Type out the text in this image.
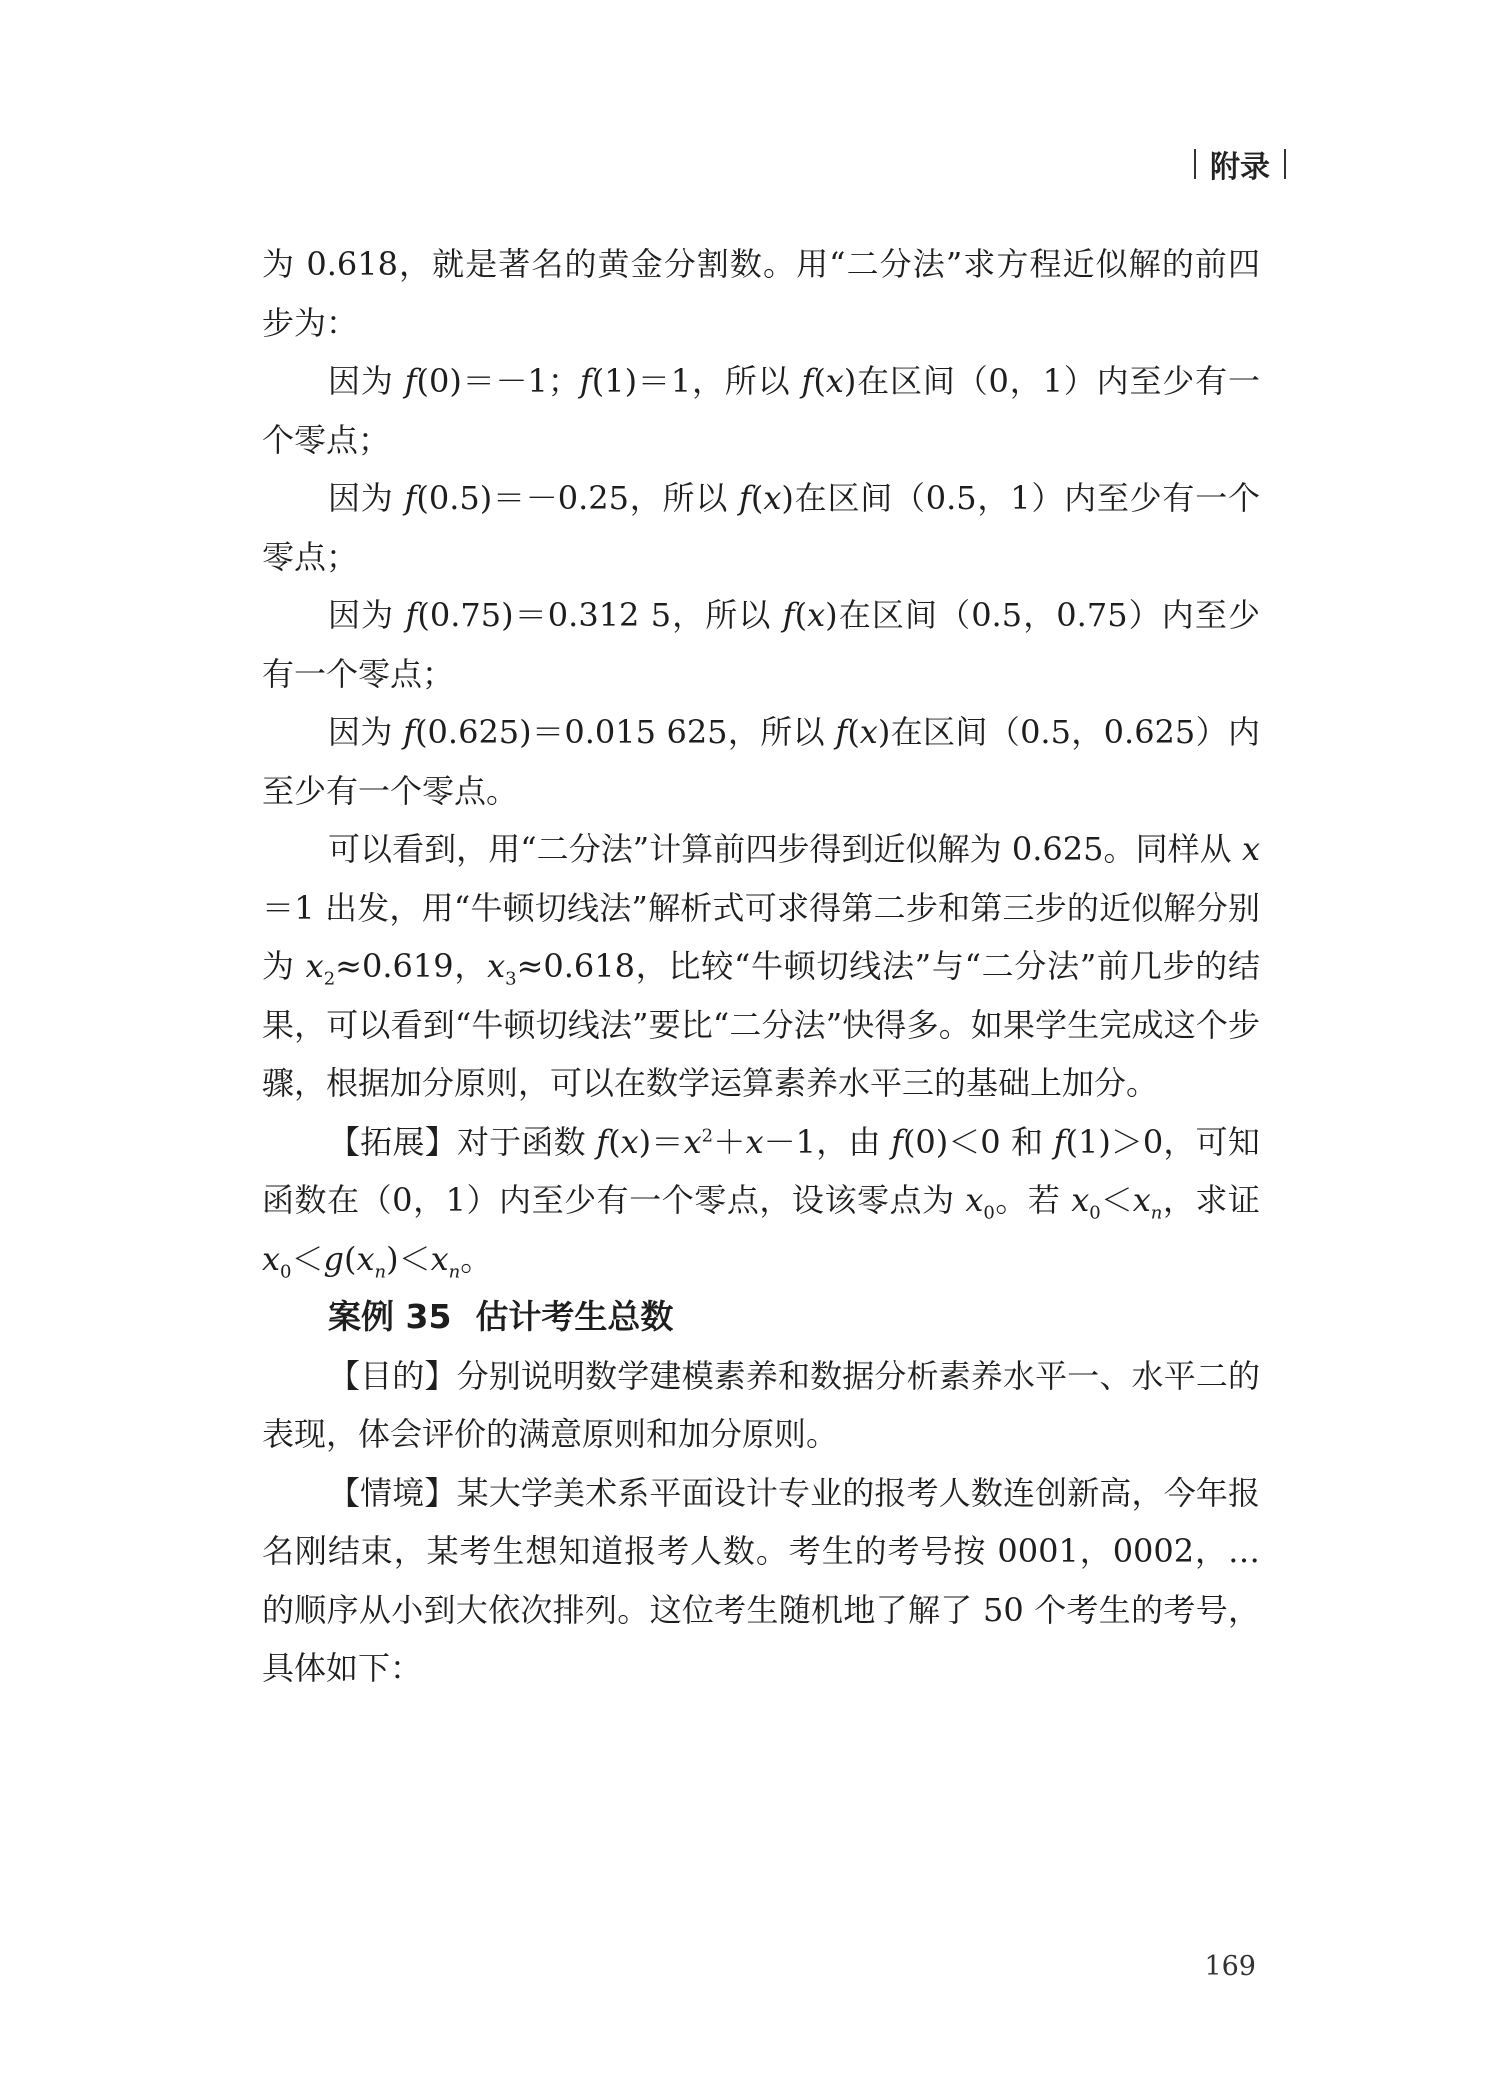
附录

为 0.618，就是著名的黄金分割数。用“二分法”求方程近似解的前四步为：

因为 f(0)＝－1；f(1)＝1，所以 f(x)在区间（0，1）内至少有一个零点；

因为 f(0.5)＝－0.25，所以 f(x)在区间（0.5，1）内至少有一个零点；

因为 f(0.75)＝0.312 5，所以 f(x)在区间（0.5，0.75）内至少有一个零点；

因为 f(0.625)＝0.015 625，所以 f(x)在区间（0.5，0.625）内至少有一个零点。

可以看到，用“二分法”计算前四步得到近似解为 0.625。同样从 x＝1 出发，用“牛顿切线法”解析式可求得第二步和第三步的近似解分别为 $x_2\approx 0.619$，$x_3\approx 0.618$，比较“牛顿切线法”与“二分法”前几步的结果，可以看到“牛顿切线法”要比“二分法”快得多。如果学生完成这个步骤，根据加分原则，可以在数学运算素养水平三的基础上加分。

【拓展】对于函数 $f(x)=x^2+x-1$，由 f(0)＜0 和 f(1)＞0，可知函数在（0，1）内至少有一个零点，设该零点为 $x_0$。若 $x_0<x_n$，求证 $x_0<g(x_n)<x_n$。

案例 35 估计考生总数

【目的】分别说明数学建模素养和数据分析素养水平一、水平二的表现，体会评价的满意原则和加分原则。

【情境】某大学美术系平面设计专业的报考人数连创新高，今年报名刚结束，某考生想知道报考人数。考生的考号按 0001，0002，…的顺序从小到大依次排列。这位考生随机地了解了 50 个考生的考号，具体如下：

169
